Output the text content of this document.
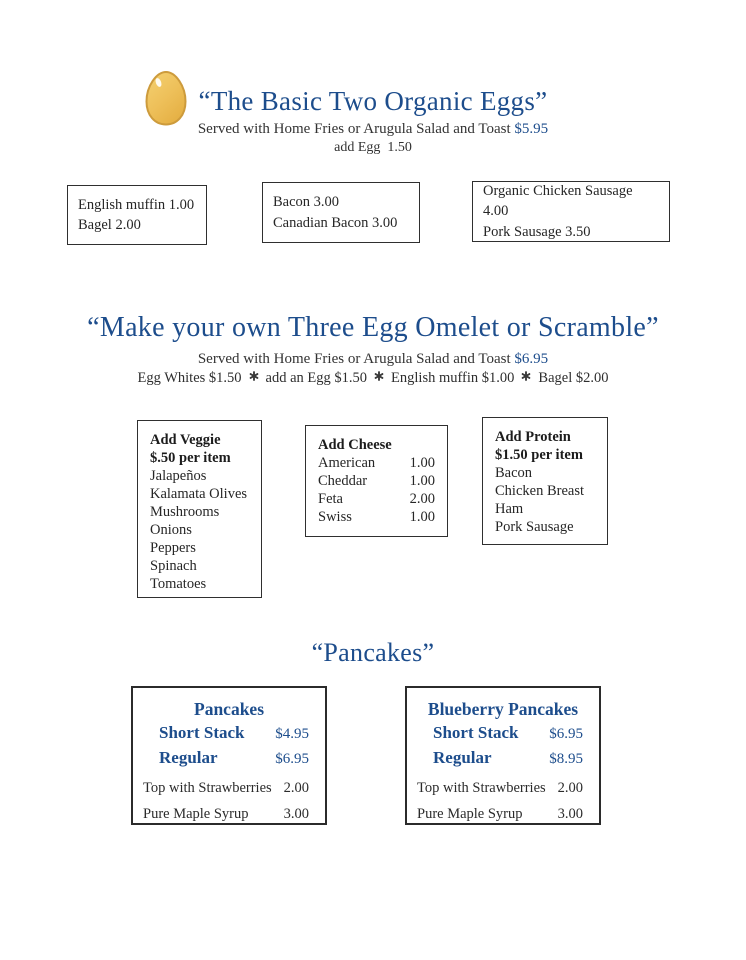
“The Basic Two Organic Eggs”
Served with Home Fries or Arugula Salad and Toast $5.95
add Egg  1.50
English muffin 1.00
Bagel 2.00
Bacon 3.00
Canadian Bacon 3.00
Organic Chicken Sausage 4.00
Pork Sausage 3.50
“Make your own Three Egg Omelet or Scramble”
Served with Home Fries or Arugula Salad and Toast $6.95
Egg Whites $1.50 add an Egg $1.50 English muffin $1.00 Bagel $2.00
Add Veggie
$.50 per item
Jalapeños
Kalamata Olives
Mushrooms
Onions
Peppers
Spinach
Tomatoes
Add Cheese
American 1.00
Cheddar	1.00
Feta	2.00
Swiss	1.00
Add Protein
$1.50 per item
Bacon
Chicken Breast
Ham
Pork Sausage
“Pancakes”
Pancakes
Short Stack $4.95
Regular	$6.95
Top with Strawberries 2.00
Pure Maple Syrup 3.00
Blueberry Pancakes
Short Stack $6.95
Regular	$8.95
Top with Strawberries 2.00
Pure Maple Syrup 3.00
